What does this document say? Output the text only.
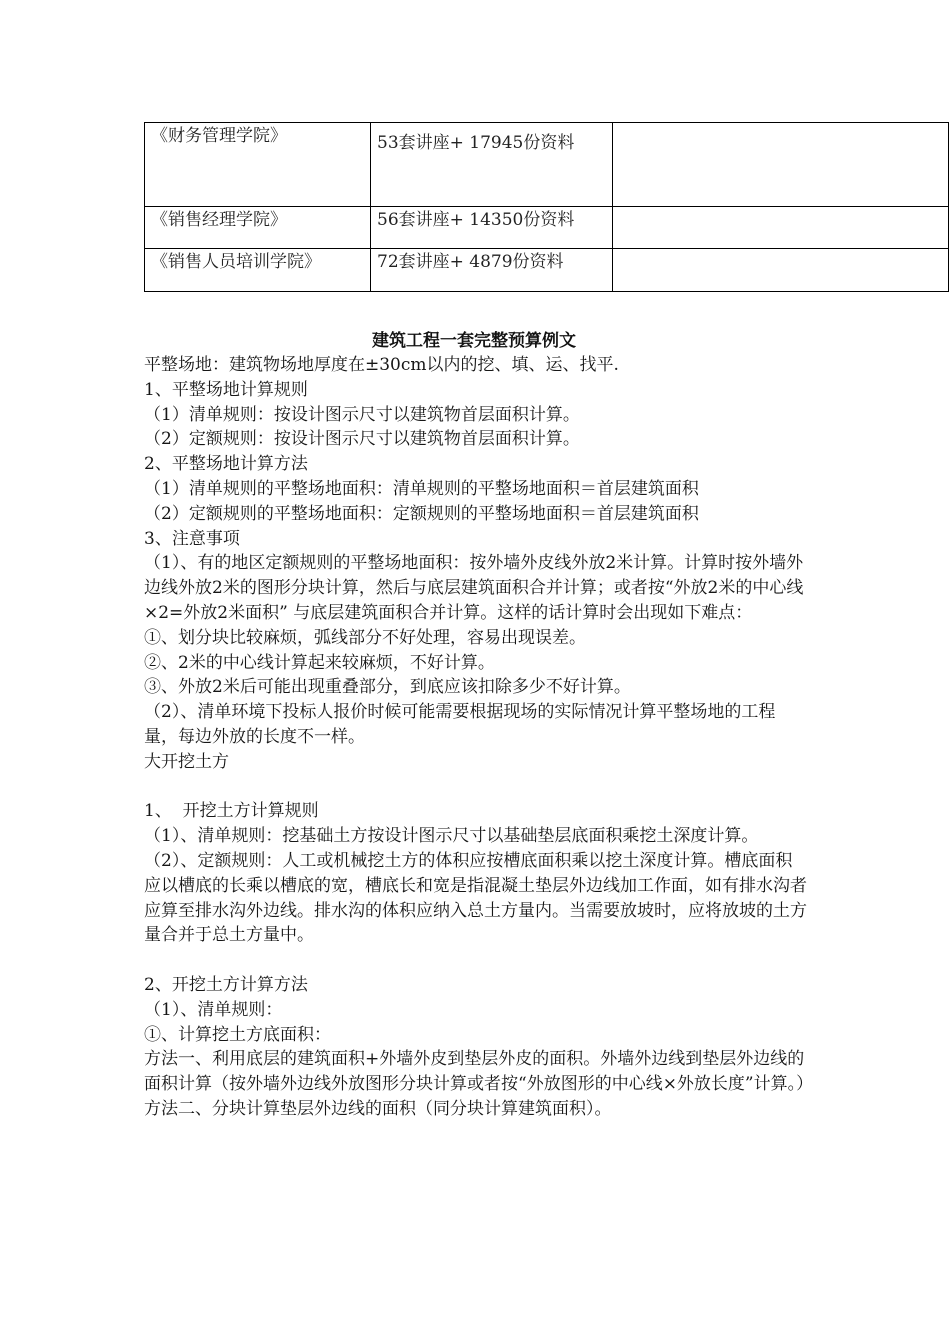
《财务管理学院》	53套讲座+ 17945份资料	
《销售经理学院》	56套讲座+ 14350份资料	
《销售人员培训学院》	72套讲座+ 4879份资料	
建筑工程一套完整预算例文

平整场地：建筑物场地厚度在±30cm以内的挖、填、运、找平.

1、平整场地计算规则

（1）清单规则：按设计图示尺寸以建筑物首层面积计算。

（2）定额规则：按设计图示尺寸以建筑物首层面积计算。

2、平整场地计算方法

（1）清单规则的平整场地面积：清单规则的平整场地面积＝首层建筑面积

（2）定额规则的平整场地面积：定额规则的平整场地面积＝首层建筑面积

3、注意事项

（1）、有的地区定额规则的平整场地面积：按外墙外皮线外放2米计算。计算时按外墙外边线外放2米的图形分块计算，然后与底层建筑面积合并计算；或者按“外放2米的中心线×2=外放2米面积” 与底层建筑面积合并计算。这样的话计算时会出现如下难点：

①、划分块比较麻烦，弧线部分不好处理，容易出现误差。

②、2米的中心线计算起来较麻烦，不好计算。

③、外放2米后可能出现重叠部分，到底应该扣除多少不好计算。

（2）、清单环境下投标人报价时候可能需要根据现场的实际情况计算平整场地的工程量，每边外放的长度不一样。

大开挖土方

1、  开挖土方计算规则

（1）、清单规则：挖基础土方按设计图示尺寸以基础垫层底面积乘挖土深度计算。

（2）、定额规则：人工或机械挖土方的体积应按槽底面积乘以挖土深度计算。槽底面积应以槽底的长乘以槽底的宽，槽底长和宽是指混凝土垫层外边线加工作面，如有排水沟者应算至排水沟外边线。排水沟的体积应纳入总土方量内。当需要放坡时，应将放坡的土方量合并于总土方量中。

2、开挖土方计算方法

（1）、清单规则：

①、计算挖土方底面积：

方法一、利用底层的建筑面积+外墙外皮到垫层外皮的面积。外墙外边线到垫层外边线的面积计算（按外墙外边线外放图形分块计算或者按“外放图形的中心线×外放长度”计算。）

方法二、分块计算垫层外边线的面积（同分块计算建筑面积）。
